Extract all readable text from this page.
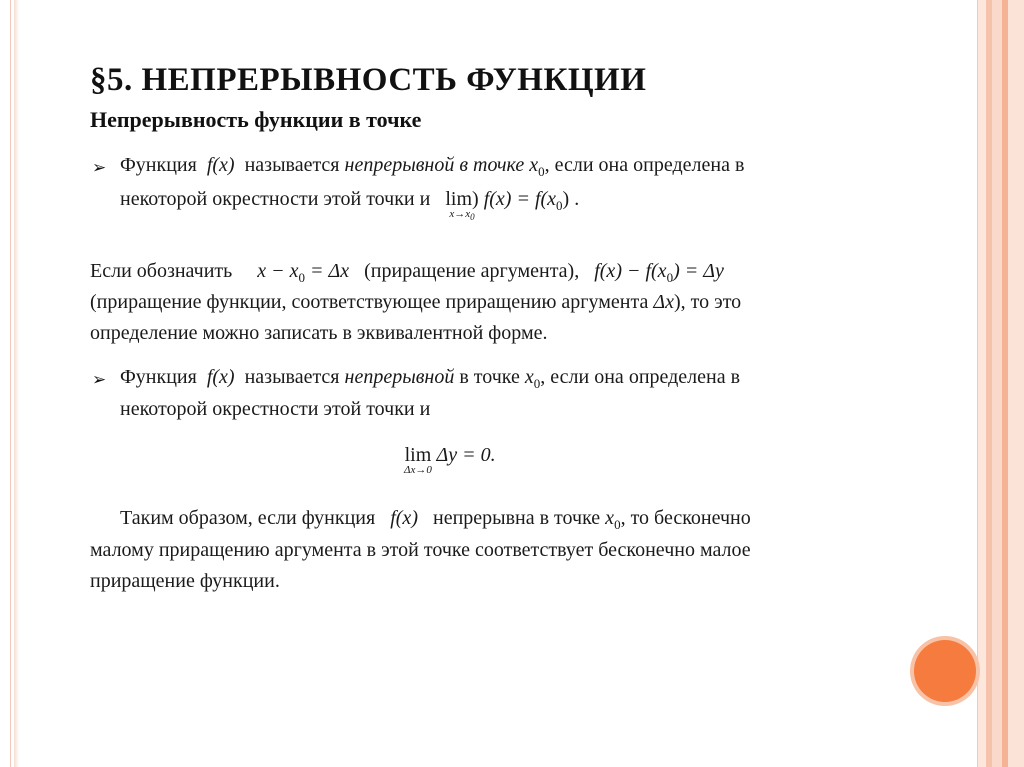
§5. НЕПРЕРЫВНОСТЬ ФУНКЦИИ
Непрерывность функции в точке
➢ Функция f(x) называется непрерывной в точке $x_0$, если она определена в
некоторой окрестности этой точки и lim)
$x\to x_0$
$f(x) = f(x_0)$ .
Если обозначить $x - x_0 = \Delta x$ (приращение аргумента), $f(x) - f(x_0) = \Delta y$
(приращение функции, соответствующее приращению аргумента Δx), то это
определение можно записать в эквивалентной форме.
➢ Функция f(x) называется непрерывной в точке $x_0$, если она определена в
некоторой окрестности этой точки и
lim
Δx→0
Δy = 0.
Таким образом, если функция f(x) непрерывна в точке $x_0$, то бесконечно
малому приращению аргумента в этой точке соответствует бесконечно малое
приращение функции.
